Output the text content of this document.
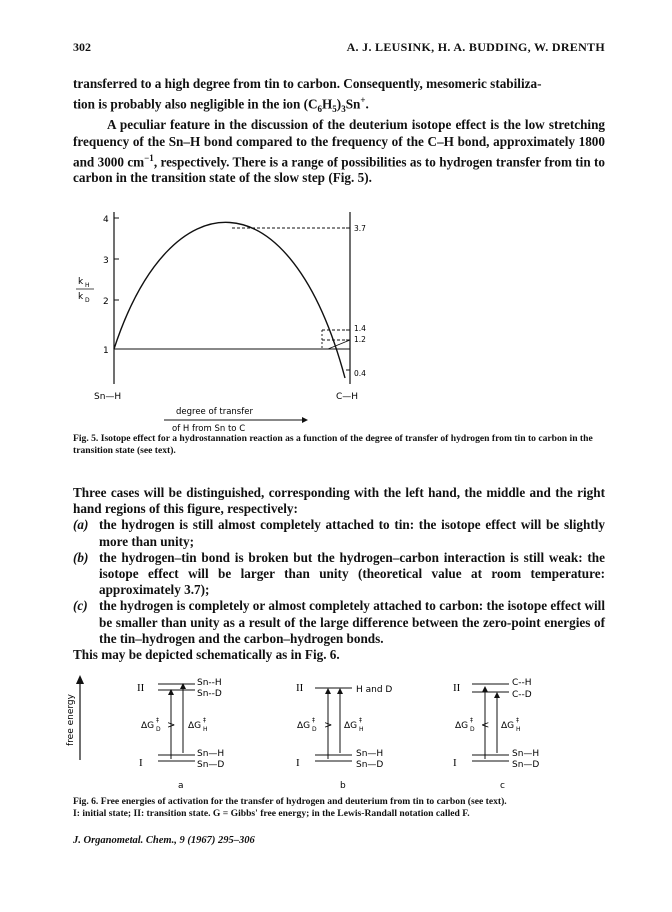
302	A. J. LEUSINK, H. A. BUDDING, W. DRENTH

transferred to a high degree from tin to carbon. Consequently, mesomeric stabiliza-

tion is probably also negligible in the ion $(C_6H_5)_3Sn^+$.

A peculiar feature in the discussion of the deuterium isotope effect is the low stretching frequency of the Sn–H bond compared to the frequency of the C–H bond, approximately 1800 and 3000 $cm^{-1}$, respectively. There is a range of possibilities as to hydrogen transfer from tin to carbon in the transition state of the slow step (Fig. 5).

4
3
2
1
k H
k D
3.7
1.4
1.2
0.4
Sn—H	C—H
degree of transfer
of H from Sn to C
Fig. 5. Isotope effect for a hydrostannation reaction as a function of the degree of transfer of hydrogen from tin to carbon in the transition state (see text).
Three cases will be distinguished, corresponding with the left hand, the middle and the right hand regions of this figure, respectively:
(a) the hydrogen is still almost completely attached to tin: the isotope effect will be slightly more than unity;
(b) the hydrogen–tin bond is broken but the hydrogen–carbon interaction is still weak: the isotope effect will be larger than unity (theoretical value at room temperature: approximately 3.7);
(c) the hydrogen is completely or almost completely attached to carbon: the isotope effect will be smaller than unity as a result of the large difference between the zero-point energies of the tin–hydrogen and the carbon–hydrogen bonds.
This may be depicted schematically as in Fig. 6.
free energy
II
I
Sn--H
Sn--D
Sn—H
Sn—D
ΔG
‡
D	ΔG
‡
H
>
a
II
I
H and D
Sn—H
Sn—D
ΔG
‡
D	ΔG
‡
H
>
b
II
I
C--H
C--D
Sn—H
Sn—D
ΔG
‡
D	ΔG
‡
H
<
c
Fig. 6. Free energies of activation for the transfer of hydrogen and deuterium from tin to carbon (see text).
I: initial state; II: transition state. G = Gibbs' free energy; in the Lewis-Randall notation called F.
J. Organometal. Chem., 9 (1967) 295–306
